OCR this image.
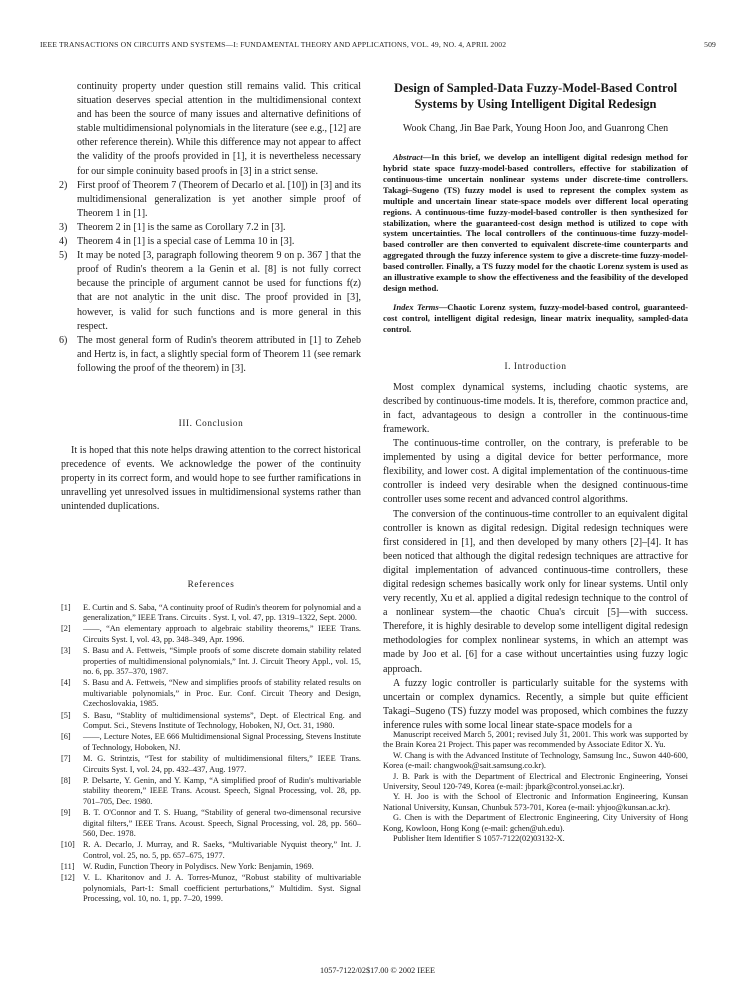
IEEE TRANSACTIONS ON CIRCUITS AND SYSTEMS—I: FUNDAMENTAL THEORY AND APPLICATIONS, VOL. 49, NO. 4, APRIL 2002	509

continuity property under question still remains valid. This critical situation deserves special attention in the multidimensional context and has been the source of many issues and alternative definitions of stable multidimensional polynomials in the literature (see e.g., [12] are other reference therein). While this difference may not appear to affect the validity of the proofs provided in [1], it is nevertheless necessary for our simple coninuity based proofs in [3] in a strict sense.

2) First proof of Theorem 7 (Theorem of Decarlo et al. [10]) in [3] and its multidimensional generalization is yet another simple proof of Theorem 1 in [1].
3) Theorem 2 in [1] is the same as Corollary 7.2 in [3].
4) Theorem 4 in [1] is a special case of Lemma 10 in [3].
5) It may be noted [3, paragraph following theorem 9 on p. 367 ] that the proof of Rudin's theorem a la Genin et al. [8] is not fully correct because the principle of argument cannot be used for functions f(z) that are not analytic in the unit disc. The proof provided in [3], however, is valid for such functions and is more general in this respect.
6) The most general form of Rudin's theorem attributed in [1] to Zeheb and Hertz is, in fact, a slightly special form of Theorem 11 (see remark following the proof of the theorem) in [3].

III. Conclusion

It is hoped that this note helps drawing attention to the correct historical precedence of events. We acknowledge the power of the continuity property in its correct form, and would hope to see further ramifications in unravelling yet unresolved issues in multidimensional systems rather than unintended duplications.

References

[1] E. Curtin and S. Saba, “A continuity proof of Rudin's theorem for polynomial and a generalization,” IEEE Trans. Circuits . Syst. I, vol. 47, pp. 1319–1322, Sept. 2000.
[2] ——, “An elementary approach to algebraic stability theorems,” IEEE Trans. Circuits Syst. I, vol. 43, pp. 348–349, Apr. 1996.
[3] S. Basu and A. Fettweis, “Simple proofs of some discrete domain stability related properties of multidimensional polynomials,” Int. J. Circuit Theory Appl., vol. 15, no. 6, pp. 357–370, 1987.
[4] S. Basu and A. Fettweis, “New and simplifies proofs of stability related results on multivariable polynomials,” in Proc. Eur. Conf. Circuit Theory and Design, Czechoslovakia, 1985.
[5] S. Basu, “Stablity of multidimensional systems”, Dept. of Electrical Eng. and Comput. Sci., Stevens Institute of Technology, Hoboken, NJ, Oct. 31, 1980.
[6] ——, Lecture Notes, EE 666 Multidimensional Signal Processing, Stevens Institute of Technology, Hoboken, NJ.
[7] M. G. Strintzis, “Test for stability of multidimensional filters,” IEEE Trans. Circuits Syst. I, vol. 24, pp. 432–437, Aug. 1977.
[8] P. Delsarte, Y. Genin, and Y. Kamp, “A simplified proof of Rudin's multivariable stability theorem,” IEEE Trans. Acoust. Speech, Signal Processing, vol. 28, pp. 701–705, Dec. 1980.
[9] B. T. O'Connor and T. S. Huang, “Stability of general two-dimensonal recursive digital filters,” IEEE Trans. Acoust. Speech, Signal Processing, vol. 28, pp. 560–560, Dec. 1978.
[10] R. A. Decarlo, J. Murray, and R. Saeks, “Multivariable Nyquist theory,” Int. J. Control, vol. 25, no. 5, pp. 657–675, 1977.
[11] W. Rudin, Function Theory in Polydiscs. New York: Benjamin, 1969.
[12] V. L. Kharitonov and J. A. Torres-Munoz, “Robust stability of multivariable polynomials, Part-1: Small coefficient perturbations,” Multidim. Syst. Signal Processing, vol. 10, no. 1, pp. 7–20, 1999.

Design of Sampled-Data Fuzzy-Model-Based Control Systems by Using Intelligent Digital Redesign

Wook Chang, Jin Bae Park, Young Hoon Joo, and Guanrong Chen

Abstract—In this brief, we develop an intelligent digital redesign method for hybrid state space fuzzy-model-based controllers, effective for stabilization of continuous-time uncertain nonlinear systems under discrete-time controllers. Takagi–Sugeno (TS) fuzzy model is used to represent the complex system as multiple and uncertain linear state-space models over different local operating regions. A continuous-time fuzzy-model-based controller is then synthesized for stabilization, where the guaranteed-cost design method is utilized to cope with system uncertainties. The local controllers of the continuous-time fuzzy-model-based controller are then converted to equivalent discrete-time counterparts and aggregated through the fuzzy inference system to give a discrete-time fuzzy-model-based controller. Finally, a TS fuzzy model for the chaotic Lorenz system is used as an illustrative example to show the effectiveness and the feasibility of the developed design method.

Index Terms—Chaotic Lorenz system, fuzzy-model-based control, guaranteed-cost control, intelligent digital redesign, linear matrix inequality, sampled-data control.

I. Introduction

Most complex dynamical systems, including chaotic systems, are described by continuous-time models. It is, therefore, common practice and, in fact, advantageous to design a controller in the continuous-time framework.

The continuous-time controller, on the contrary, is preferable to be implemented by using a digital device for better performance, more flexibility, and lower cost. A digital implementation of the continuous-time controller is indeed very desirable when the designed continuous-time controller uses some recent and advanced control algorithms.

The conversion of the continuous-time controller to an equivalent digital controller is known as digital redesign. Digital redesign techniques were first considered in [1], and then developed by many others [2]–[4]. It has been noticed that although the digital redesign techniques are attractive for digital implementation of advanced continuous-time controllers, these digital redesign schemes basically work only for linear systems. Until only very recently, Xu et al. applied a digital redesign technique to the control of a nonlinear system—the chaotic Chua's circuit [5]—with success. Therefore, it is highly desirable to develop some intelligent digital redesign methodologies for complex nonlinear systems, in which an attempt was made by Joo et al. [6] for a case without uncertainties using fuzzy logic approach.

A fuzzy logic controller is particularly suitable for the systems with uncertain or complex dynamics. Recently, a simple but quite efficient Takagi–Sugeno (TS) fuzzy model was proposed, which combines the fuzzy inference rules with some local linear state-space models for a

Manuscript received March 5, 2001; revised July 31, 2001. This work was supported by the Brain Korea 21 Project. This paper was recommended by Associate Editor X. Yu.

W. Chang is with the Advanced Institute of Technology, Samsung Inc., Suwon 440-600, Korea (e-mail: changwook@sait.samsung.co.kr).

J. B. Park is with the Department of Electrical and Electronic Engineering, Yonsei University, Seoul 120-749, Korea (e-mail: jbpark@control.yonsei.ac.kr).

Y. H. Joo is with the School of Electronic and Information Engineering, Kunsan National University, Kunsan, Chunbuk 573-701, Korea (e-mail: yhjoo@kunsan.ac.kr).

G. Chen is with the Department of Electronic Engineering, City University of Hong Kong, Kowloon, Hong Kong (e-mail: gchen@uh.edu).

Publisher Item Identifier S 1057-7122(02)03132-X.

1057-7122/02$17.00 © 2002 IEEE
